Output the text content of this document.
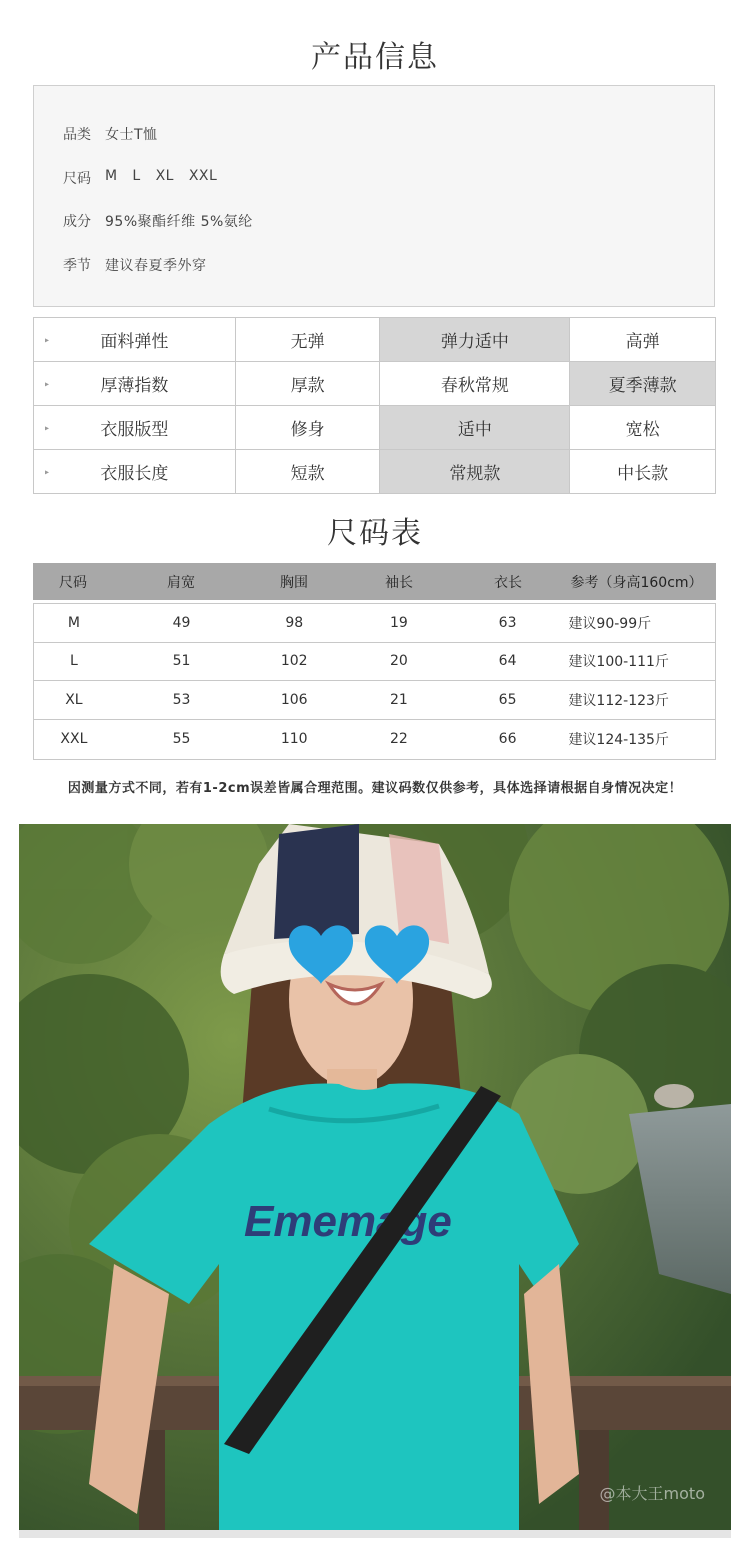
产品信息
品类 女士T恤
尺码 M   L   XL   XXL
成分 95%聚酯纤维 5%氨纶
季节 建议春夏季外穿
▸	面料弹性	无弹	弹力适中	高弹
▸	厚薄指数	厚款	春秋常规	夏季薄款
▸	衣服版型	修身	适中	宽松
▸	衣服长度	短款	常规款	中长款
尺码表
尺码	肩宽	胸围	袖长	衣长	参考（身高160cm）
M	49	98	19	63	建议90-99斤
L	51	102	20	64	建议100-111斤
XL	53	106	21	65	建议112-123斤
XXL	55	110	22	66	建议124-135斤
因测量方式不同，若有1-2cm误差皆属合理范围。建议码数仅供参考，具体选择请根据自身情况决定！
Ememage
@本大王moto
